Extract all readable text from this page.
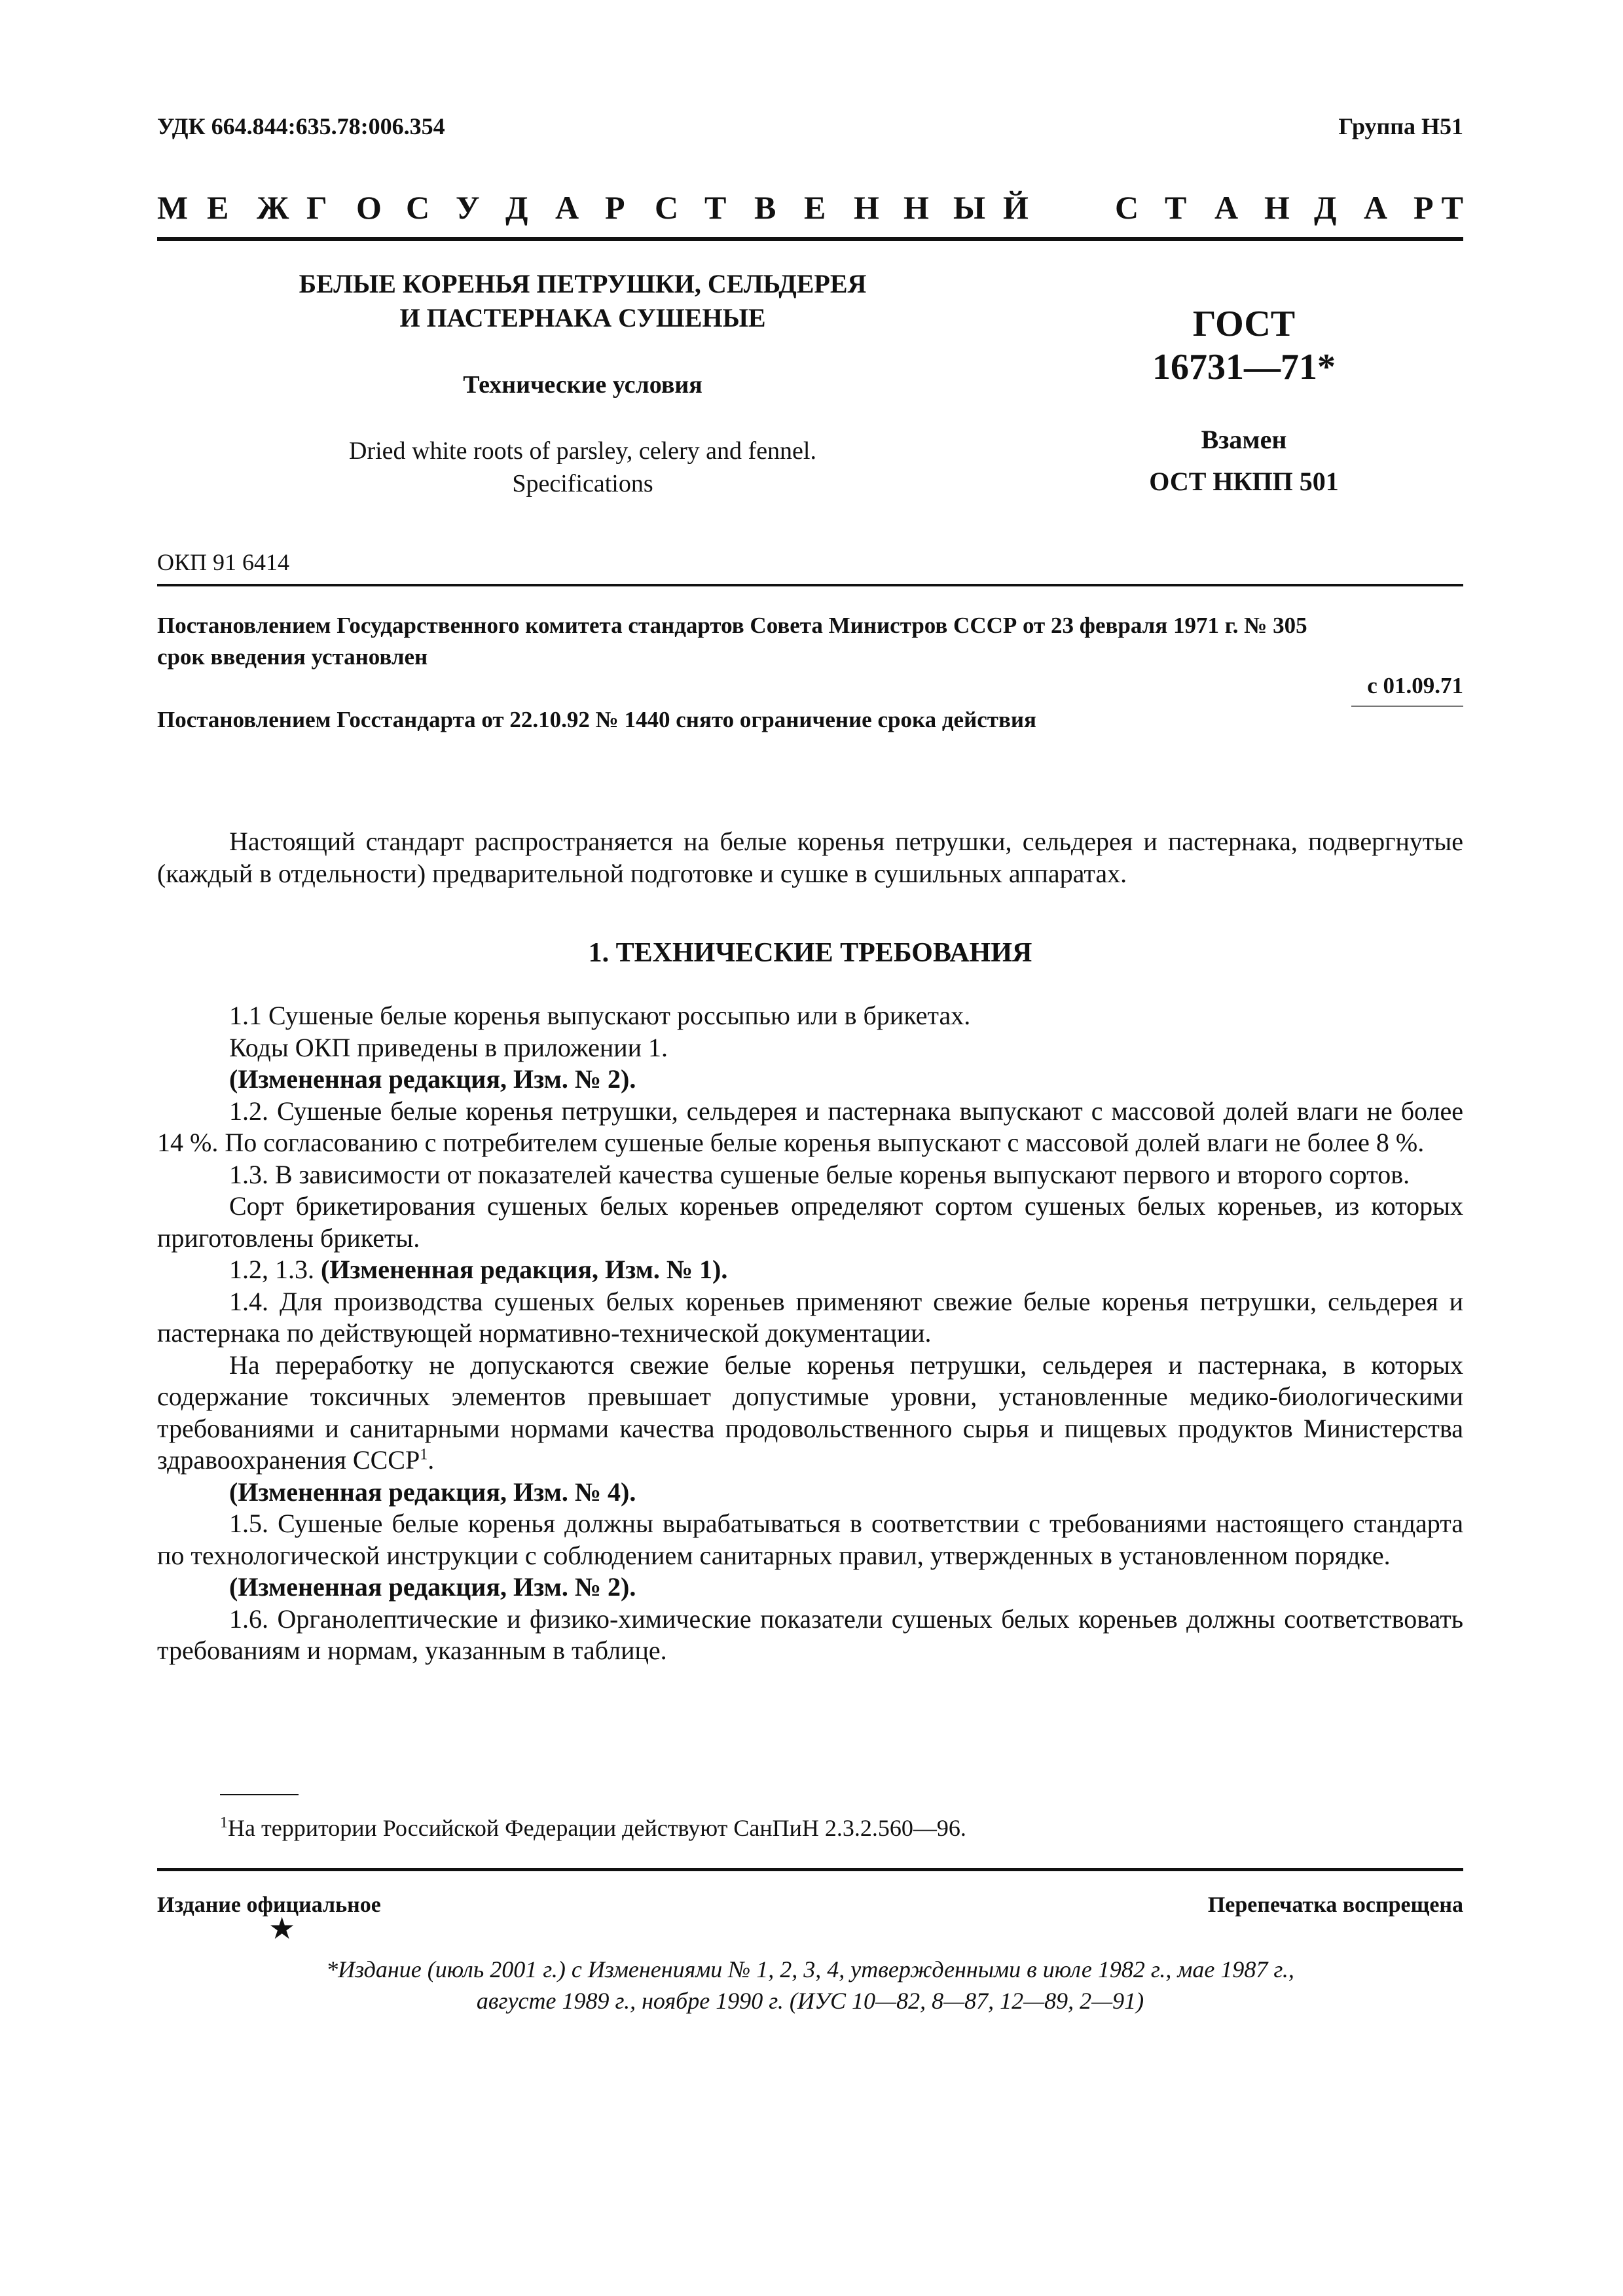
УДК 664.844:635.78:006.354	Группа Н51
М Е Ж Г О С У Д А Р С Т В Е Н Н Ы Й	С Т А Н Д А Р Т
БЕЛЫЕ КОРЕНЬЯ ПЕТРУШКИ, СЕЛЬДЕРЕЯ
И ПАСТЕРНАКА СУШЕНЫЕ
Технические условия
Dried white roots of parsley, celery and fennel.
Specifications
ГОСТ
16731—71*
Взамен
ОСТ НКПП 501
ОКП 91 6414
Постановлением Государственного комитета стандартов Совета Министров СССР от 23 февраля 1971 г. № 305
срок введения установлен
с 01.09.71
Постановлением Госстандарта от 22.10.92 № 1440 снято ограничение срока действия

Настоящий стандарт распространяется на белые коренья петрушки, сельдерея и пастернака, подвергнутые (каждый в отдельности) предварительной подготовке и сушке в сушильных аппаратах.

1. ТЕХНИЧЕСКИЕ ТРЕБОВАНИЯ

1.1 Сушеные белые коренья выпускают россыпью или в брикетах.

Коды ОКП приведены в приложении 1.

(Измененная редакция, Изм. № 2).

1.2. Сушеные белые коренья петрушки, сельдерея и пастернака выпускают с массовой долей влаги не более 14 %. По согласованию с потребителем сушеные белые коренья выпускают с массовой долей влаги не более 8 %.

1.3. В зависимости от показателей качества сушеные белые коренья выпускают первого и второго сортов.

Сорт брикетирования сушеных белых кореньев определяют сортом сушеных белых кореньев, из которых приготовлены брикеты.

1.2, 1.3. (Измененная редакция, Изм. № 1).

1.4. Для производства сушеных белых кореньев применяют свежие белые коренья петрушки, сельдерея и пастернака по действующей нормативно-технической документации.

На переработку не допускаются свежие белые коренья петрушки, сельдерея и пастернака, в которых содержание токсичных элементов превышает допустимые уровни, установленные медико-биологическими требованиями и санитарными нормами качества продовольственного сырья и пищевых продуктов Министерства здравоохранения СССР$^1$.

(Измененная редакция, Изм. № 4).

1.5. Сушеные белые коренья должны вырабатываться в соответствии с требованиями настоящего стандарта по технологической инструкции с соблюдением санитарных правил, утвержденных в установленном порядке.

(Измененная редакция, Изм. № 2).

1.6. Органолептические и физико-химические показатели сушеных белых кореньев должны соответствовать требованиям и нормам, указанным в таблице.

$^1$На территории Российской Федерации действуют СанПиН 2.3.2.560—96.
Издание официальное	Перепечатка воспрещена
★
*Издание (июль 2001 г.) с Изменениями № 1, 2, 3, 4, утвержденными в июле 1982 г., мае 1987 г.,
августе 1989 г., ноябре 1990 г. (ИУС 10—82, 8—87, 12—89, 2—91)
